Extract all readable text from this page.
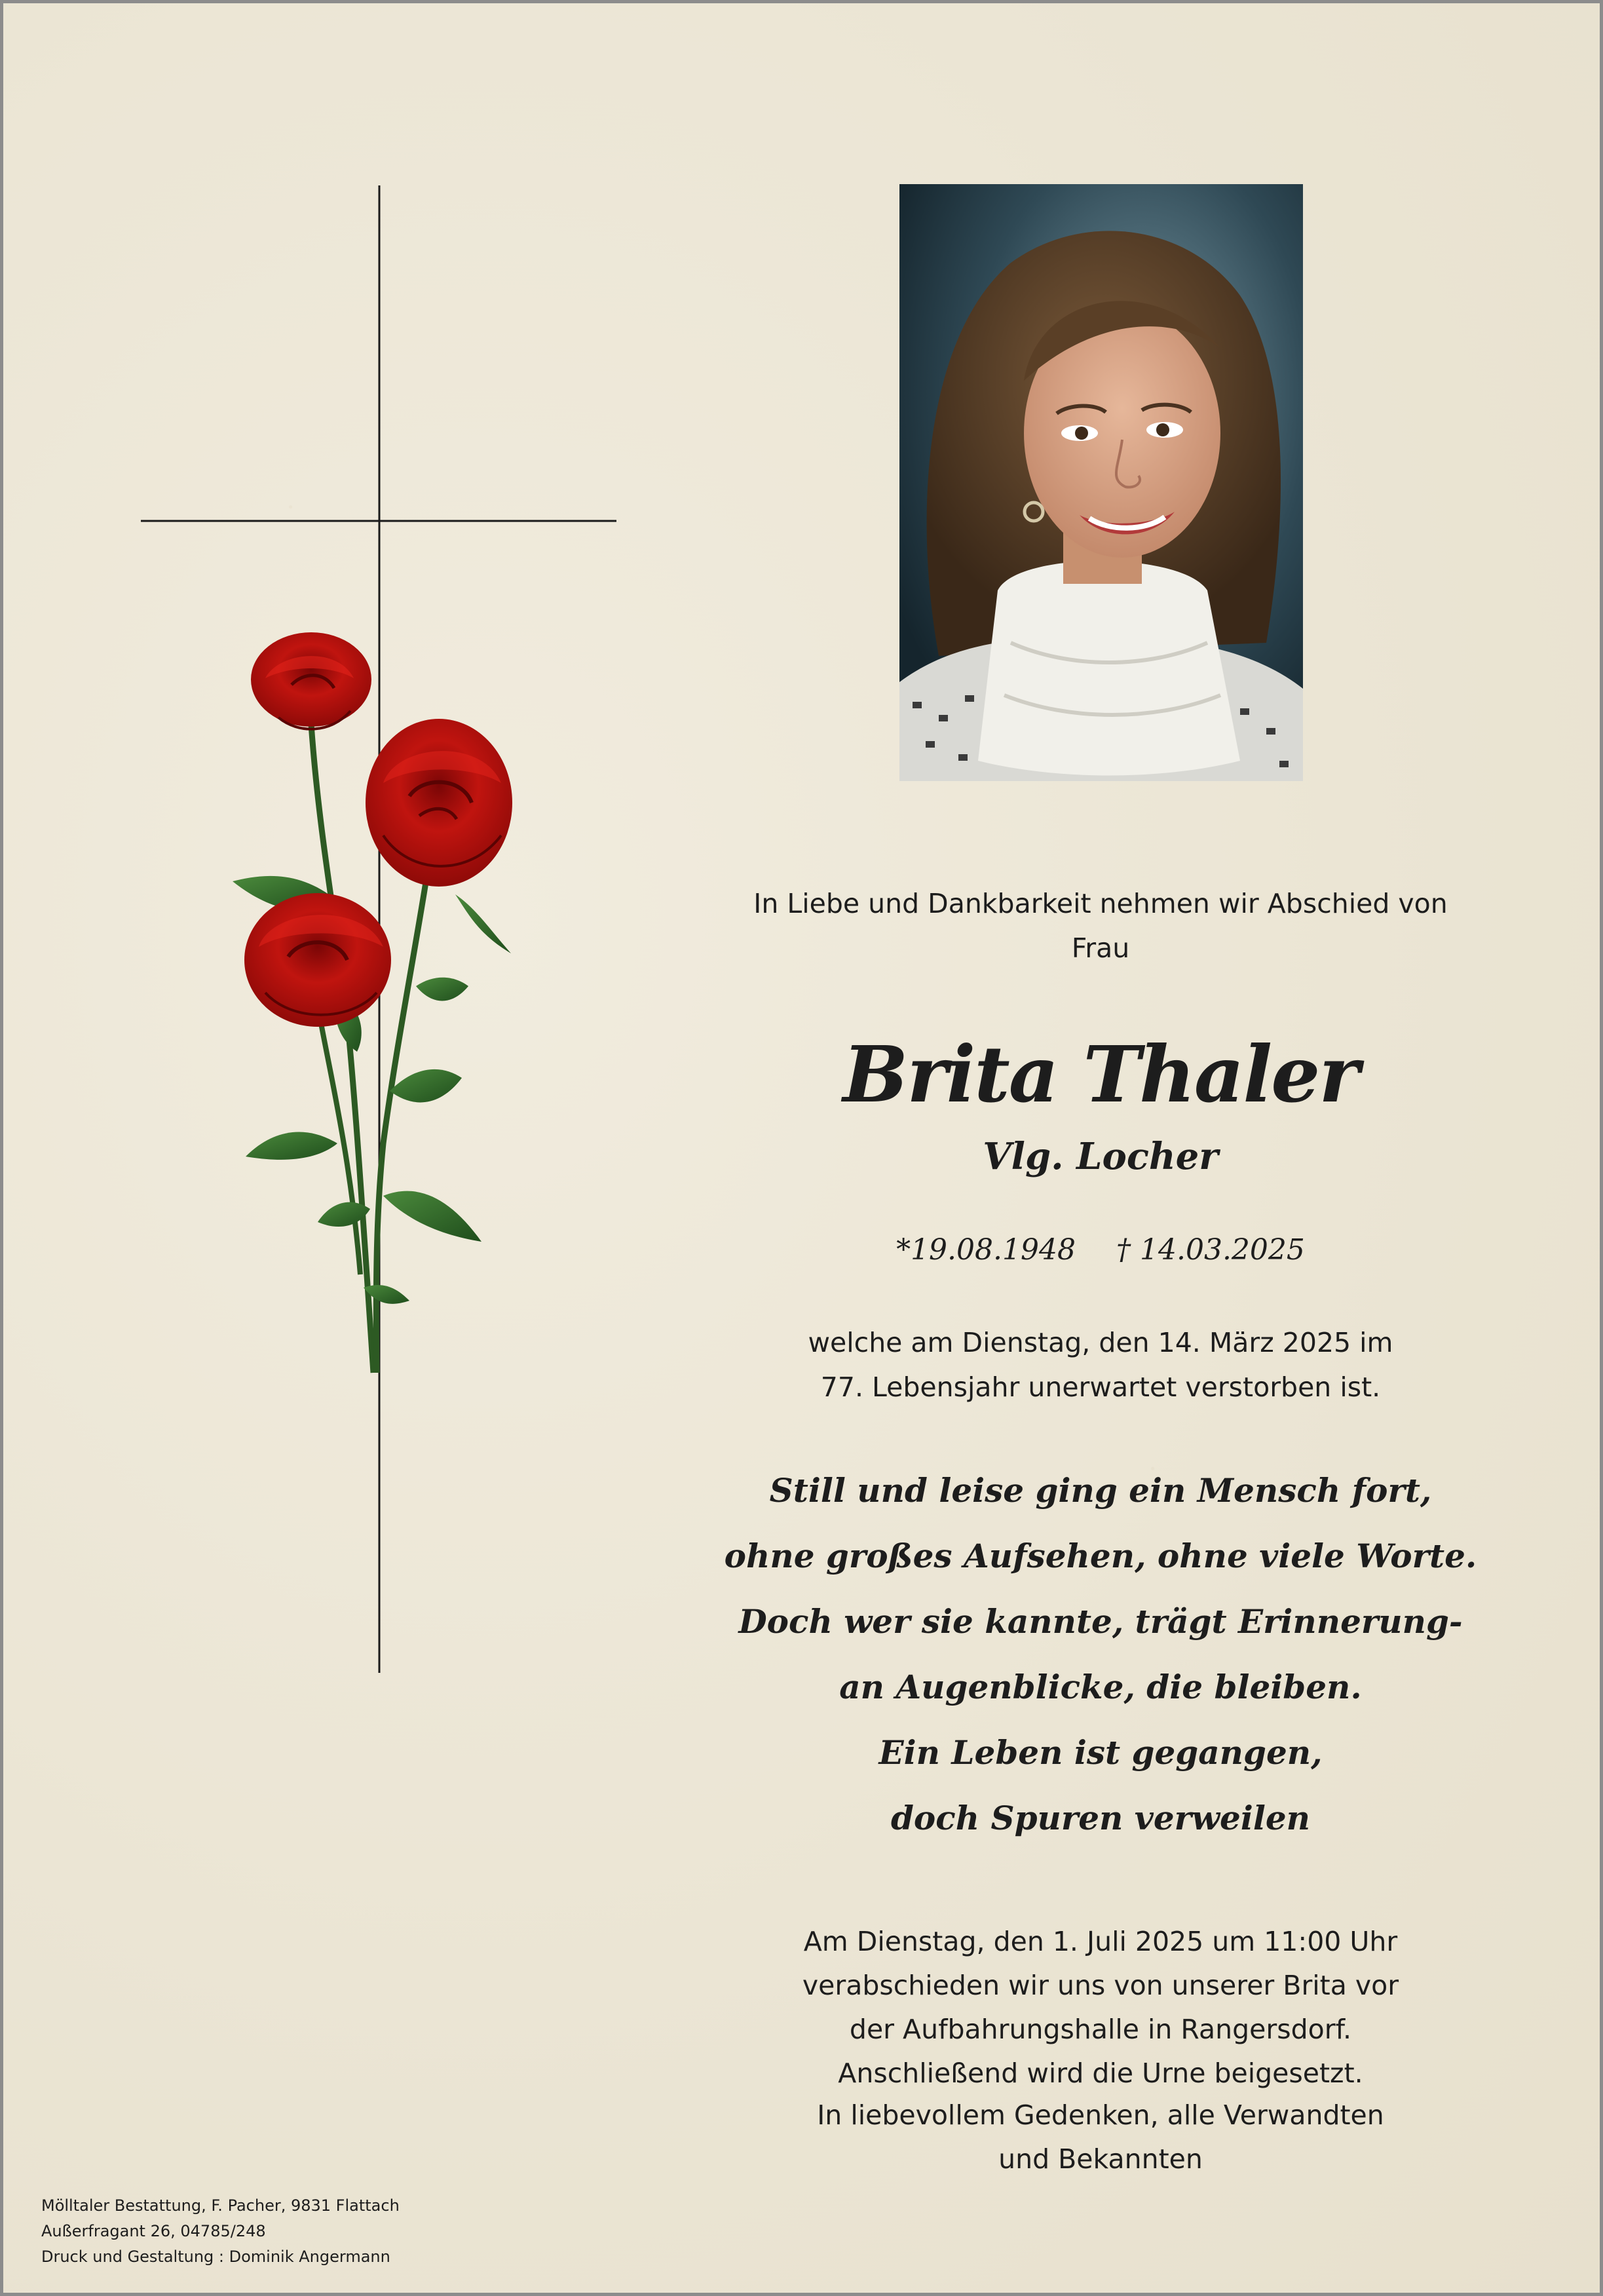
In Liebe und Dankbarkeit nehmen wir Abschied von
Frau
Brita Thaler
Vlg. Locher
*19.08.1948 † 14.03.2025
welche am Dienstag, den 14. März 2025 im
77. Lebensjahr unerwartet verstorben ist.
Still und leise ging ein Mensch fort,
ohne großes Aufsehen, ohne viele Worte.
Doch wer sie kannte, trägt Erinnerung-
an Augenblicke, die bleiben.
Ein Leben ist gegangen,
doch Spuren verweilen
Am Dienstag, den 1. Juli 2025 um 11:00 Uhr
verabschieden wir uns von unserer Brita vor
der Aufbahrungshalle in Rangersdorf.
Anschließend wird die Urne beigesetzt.
In liebevollem Gedenken, alle Verwandten
und Bekannten
Mölltaler Bestattung, F. Pacher, 9831 Flattach
Außerfragant 26, 04785/248
Druck und Gestaltung : Dominik Angermann
